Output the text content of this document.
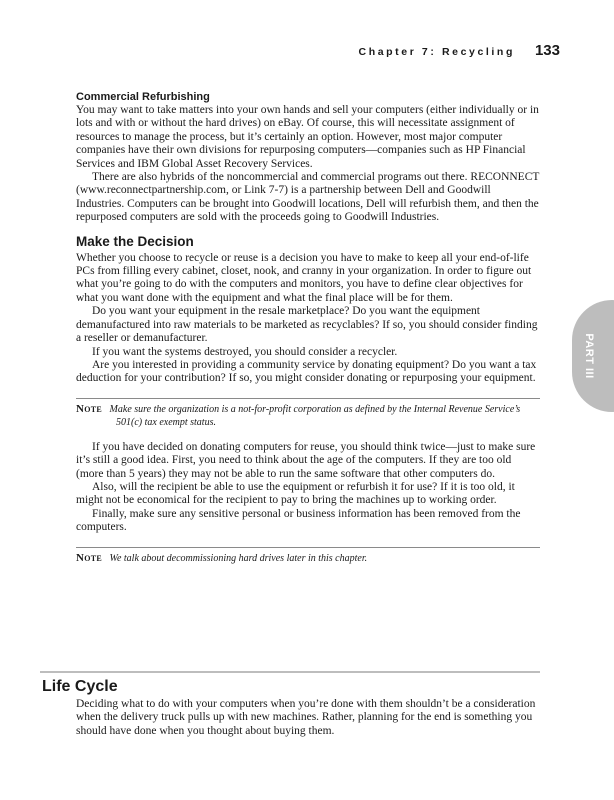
Chapter 7: Recycling 133
PART III
Commercial Refurbishing

You may want to take matters into your own hands and sell your computers (either individually or in lots and with or without the hard drives) on eBay. Of course, this will necessitate assignment of resources to manage the process, but it’s certainly an option. However, most major computer companies have their own divisions for repurposing computers—companies such as HP Financial Services and IBM Global Asset Recovery Services.

There are also hybrids of the noncommercial and commercial programs out there. RECONNECT (www.reconnectpartnership.com, or Link 7-7) is a partnership between Dell and Goodwill Industries. Computers can be brought into Goodwill locations, Dell will refurbish them, and then the repurposed computers are sold with the proceeds going to Goodwill Industries.

Make the Decision

Whether you choose to recycle or reuse is a decision you have to make to keep all your end-of-life PCs from filling every cabinet, closet, nook, and cranny in your organization. In order to figure out what you’re going to do with the computers and monitors, you have to define clear objectives for what you want done with the equipment and what the final place will be for them.

Do you want your equipment in the resale marketplace? Do you want the equipment demanufactured into raw materials to be marketed as recyclables? If so, you should consider finding a reseller or demanufacturer.

If you want the systems destroyed, you should consider a recycler.

Are you interested in providing a community service by donating equipment? Do you want a tax deduction for your contribution? If so, you might consider donating or repurposing your equipment.

Note Make sure the organization is a not-for-profit corporation as defined by the Internal Revenue Service’s 501(c) tax exempt status.

If you have decided on donating computers for reuse, you should think twice—just to make sure it’s still a good idea. First, you need to think about the age of the computers. If they are too old (more than 5 years) they may not be able to run the same software that other computers do.

Also, will the recipient be able to use the equipment or refurbish it for use? If it is too old, it might not be economical for the recipient to pay to bring the machines up to working order.

Finally, make sure any sensitive personal or business information has been removed from the computers.

Note We talk about decommissioning hard drives later in this chapter.
Life Cycle

Deciding what to do with your computers when you’re done with them shouldn’t be a consideration when the delivery truck pulls up with new machines. Rather, planning for the end is something you should have done when you thought about buying them.
